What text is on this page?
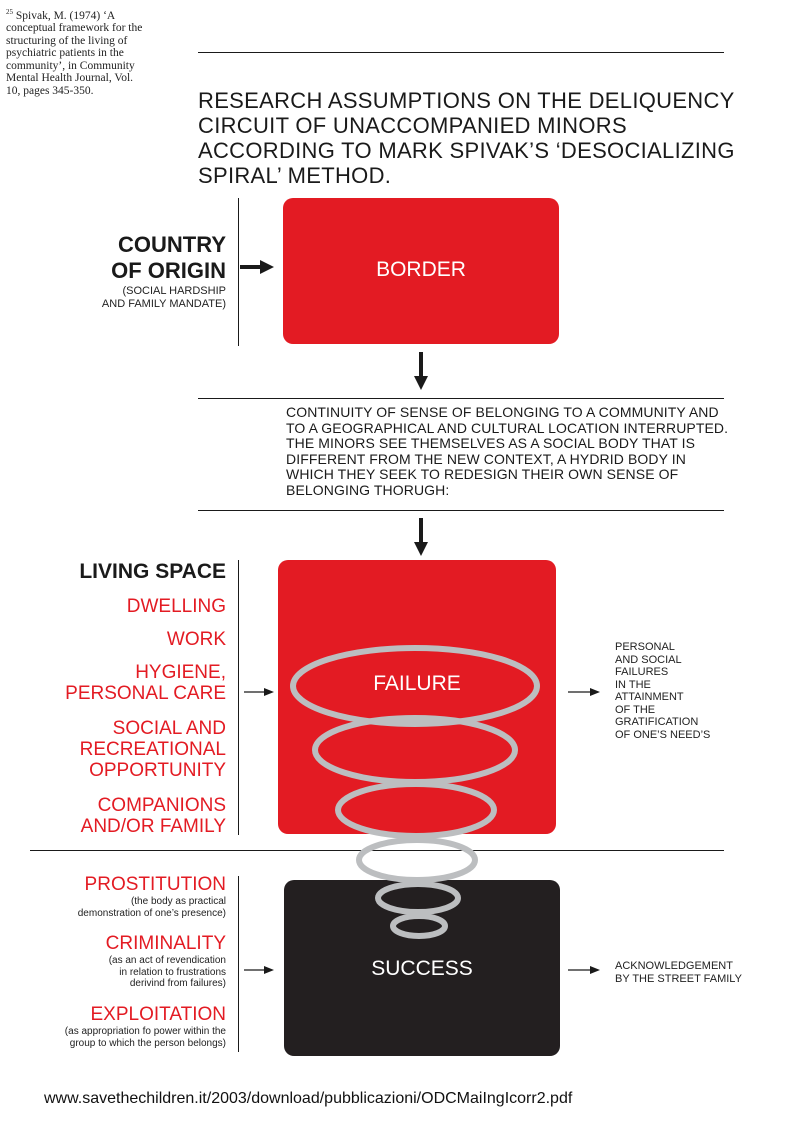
$^{25}$ Spivak, M. (1974) ‘A conceptual framework for the structuring of the living of psychiatric patients in the community’, in Community Mental Health Journal, Vol. 10, pages 345-350.	RESEARCH ASSUMPTIONS ON THE DELIQUENCY CIRCUIT OF UNACCOMPANIED MINORS ACCORDING TO MARK SPIVAK’S ‘DESOCIALIZING SPIRAL’ METHOD.
COUNTRY
OF ORIGIN
(SOCIAL HARDSHIP
AND FAMILY MANDATE)
BORDER
CONTINUITY OF SENSE OF BELONGING TO A COMMUNITY AND TO A GEOGRAPHICAL AND CULTURAL LOCATION INTERRUPTED. THE MINORS SEE THEMSELVES AS A SOCIAL BODY THAT IS DIFFERENT FROM THE NEW CONTEXT, A HYDRID BODY IN WHICH THEY SEEK TO REDESIGN THEIR OWN SENSE OF BELONGING THORUGH:
LIVING SPACE
DWELLING
WORK
HYGIENE,
PERSONAL CARE
SOCIAL AND
RECREATIONAL
OPPORTUNITY
COMPANIONS
AND/OR FAMILY
FAILURE
SUCCESS
PERSONAL
AND SOCIAL
FAILURES
IN THE
ATTAINMENT
OF THE
GRATIFICATION
OF ONE’S NEED’S
PROSTITUTION
(the body as practical
demonstration of one’s presence)
CRIMINALITY
(as an act of revendication
in relation to frustrations
derivind from failures)
EXPLOITATION
(as appropriation fo power within the
group to which the person belongs)
ACKNOWLEDGEMENT
BY THE STREET FAMILY
www.savethechildren.it/2003/download/pubblicazioni/ODCMaiIngIcorr2.pdf
